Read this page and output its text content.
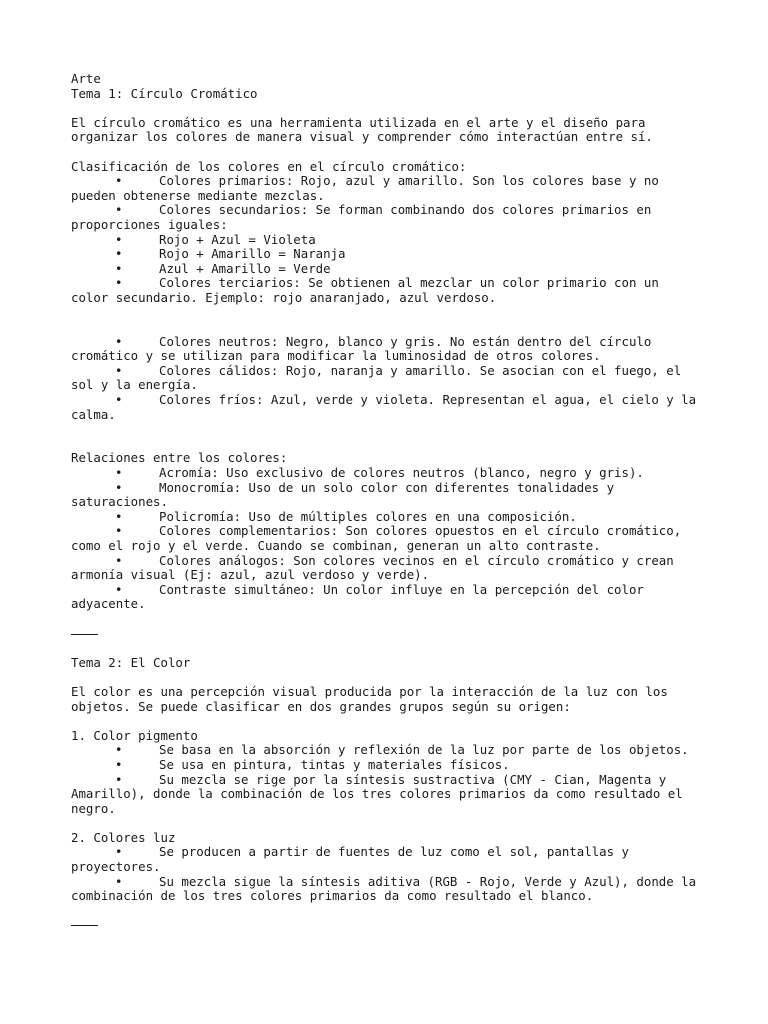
Arte
Tema 1: Círculo Cromático
El círculo cromático es una herramienta utilizada en el arte y el diseño para organizar los colores de manera visual y comprender cómo interactúan entre sí.
Clasificación de los colores en el círculo cromático:
•	Colores primarios: Rojo, azul y amarillo. Son los colores base y no pueden obtenerse mediante mezclas.
•	Colores secundarios: Se forman combinando dos colores primarios en proporciones iguales:
•	Rojo + Azul = Violeta
•	Rojo + Amarillo = Naranja
•	Azul + Amarillo = Verde
•	Colores terciarios: Se obtienen al mezclar un color primario con un color secundario. Ejemplo: rojo anaranjado, azul verdoso.
•	Colores neutros: Negro, blanco y gris. No están dentro del círculo cromático y se utilizan para modificar la luminosidad de otros colores.
•	Colores cálidos: Rojo, naranja y amarillo. Se asocian con el fuego, el sol y la energía.
•	Colores fríos: Azul, verde y violeta. Representan el agua, el cielo y la calma.
Relaciones entre los colores:
•	Acromía: Uso exclusivo de colores neutros (blanco, negro y gris).
•	Monocromía: Uso de un solo color con diferentes tonalidades y saturaciones.
•	Policromía: Uso de múltiples colores en una composición.
•	Colores complementarios: Son colores opuestos en el círculo cromático, como el rojo y el verde. Cuando se combinan, generan un alto contraste.
•	Colores análogos: Son colores vecinos en el círculo cromático y crean armonía visual (Ej: azul, azul verdoso y verde).
•	Contraste simultáneo: Un color influye en la percepción del color adyacente.
Tema 2: El Color
El color es una percepción visual producida por la interacción de la luz con los objetos. Se puede clasificar en dos grandes grupos según su origen:
1. Color pigmento
•	Se basa en la absorción y reflexión de la luz por parte de los objetos.
•	Se usa en pintura, tintas y materiales físicos.
•	Su mezcla se rige por la síntesis sustractiva (CMY - Cian, Magenta y Amarillo), donde la combinación de los tres colores primarios da como resultado el negro.
2. Colores luz
•	Se producen a partir de fuentes de luz como el sol, pantallas y proyectores.
•	Su mezcla sigue la síntesis aditiva (RGB - Rojo, Verde y Azul), donde la combinación de los tres colores primarios da como resultado el blanco.
